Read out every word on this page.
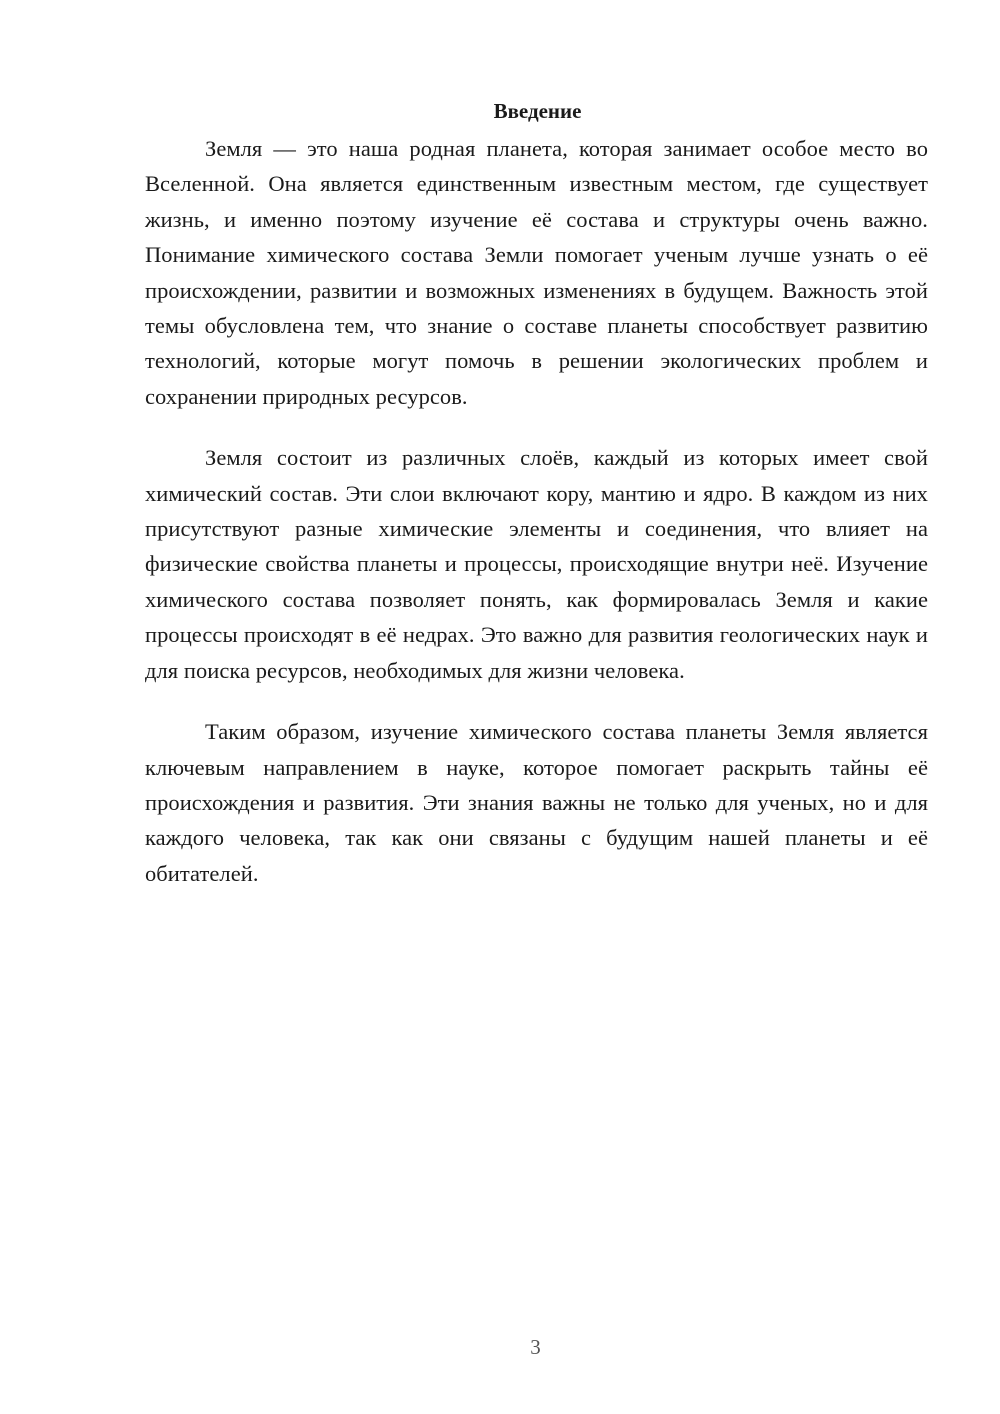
Введение

Земля — это наша родная планета, которая занимает особое место во Вселенной. Она является единственным известным местом, где существует жизнь, и именно поэтому изучение её состава и структуры очень важно. Понимание химического состава Земли помогает ученым лучше узнать о её происхождении, развитии и возможных изменениях в будущем. Важность этой темы обусловлена тем, что знание о составе планеты способствует развитию технологий, которые могут помочь в решении экологических проблем и сохранении природных ресурсов.

Земля состоит из различных слоёв, каждый из которых имеет свой химический состав. Эти слои включают кору, мантию и ядро. В каждом из них присутствуют разные химические элементы и соединения, что влияет на физические свойства планеты и процессы, происходящие внутри неё. Изучение химического состава позволяет понять, как формировалась Земля и какие процессы происходят в её недрах. Это важно для развития геологических наук и для поиска ресурсов, необходимых для жизни человека.

Таким образом, изучение химического состава планеты Земля является ключевым направлением в науке, которое помогает раскрыть тайны её происхождения и развития. Эти знания важны не только для ученых, но и для каждого человека, так как они связаны с будущим нашей планеты и её обитателей.

3
